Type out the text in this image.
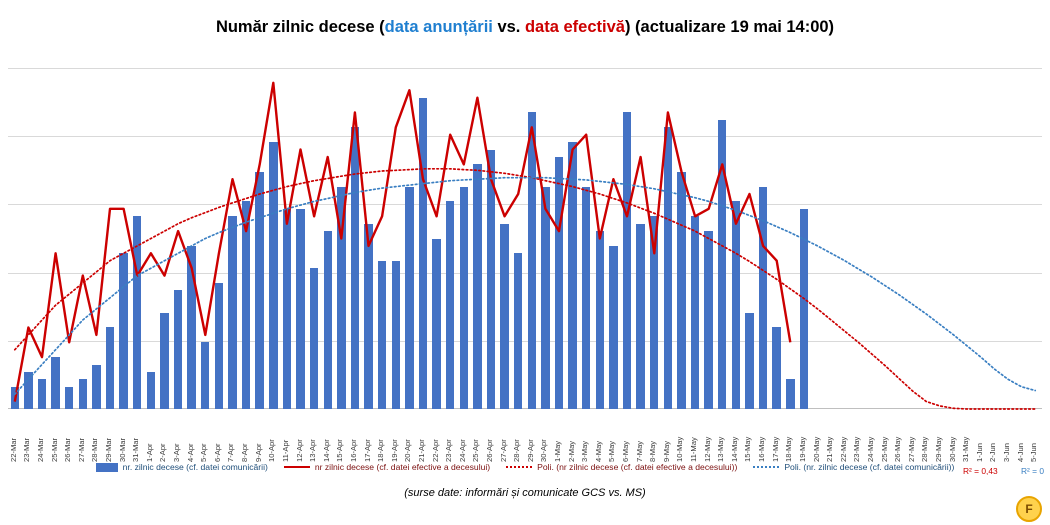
Număr zilnic decese (data anunțării vs. data efectivă) (actualizare 19 mai 14:00)
R² = 0,43	R² = 0
22-Mar 23-Mar 24-Mar 25-Mar 26-Mar 27-Mar 28-Mar 29-Mar 30-Mar 31-Mar 1-Apr 2-Apr 3-Apr 4-Apr 5-Apr 6-Apr 7-Apr 8-Apr 9-Apr 10-Apr 11-Apr 12-Apr 13-Apr 14-Apr 15-Apr 16-Apr 17-Apr 18-Apr 19-Apr 20-Apr 21-Apr 22-Apr 23-Apr 24-Apr 25-Apr 26-Apr 27-Apr 28-Apr 29-Apr 30-Apr 1-May 2-May 3-May 4-May 5-May 6-May 7-May 8-May 9-May 10-May 11-May 12-May 13-May 14-May 15-May 16-May 17-May 18-May 19-May 20-May 21-May 22-May 23-May 24-May 25-May 26-May 27-May 28-May 29-May 30-May 31-May 1-Jun 2-Jun 3-Jun 4-Jun 5-Jun
nr. zilnic decese (cf. datei comunicării)	nr zilnic decese (cf. datei efective a decesului)	Poli. (nr zilnic decese (cf. datei efective a decesului))	Poli. (nr. zilnic decese (cf. datei comunicării))
(surse date: informări și comunicate GCS vs. MS)
F
